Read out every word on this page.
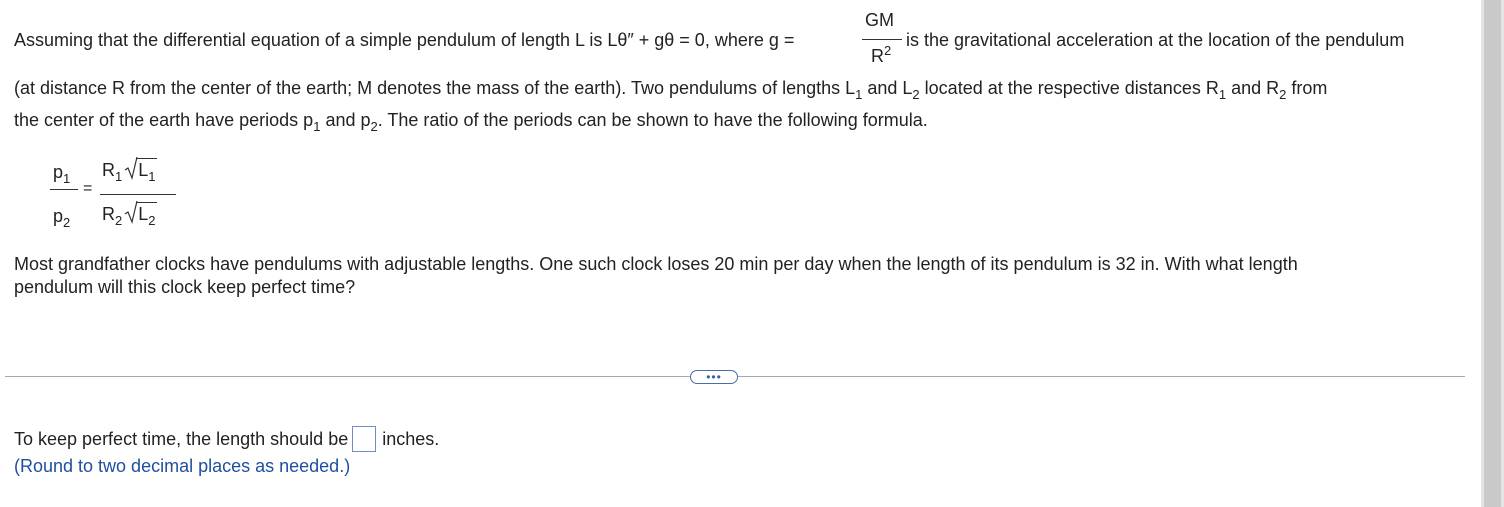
Assuming that the differential equation of a simple pendulum of length L is Lθ″ + gθ = 0, where g =
GM
$R^2$
is the gravitational acceleration at the location of the pendulum
(at distance R from the center of the earth; M denotes the mass of the earth). Two pendulums of lengths $L_1$ and $L_2$ located at the respective distances $R_1$ and $R_2$ from
the center of the earth have periods $p_1$ and $p_2$. The ratio of the periods can be shown to have the following formula.
$p_1$
$p_2$
=
$R_1$ $L_1$
$R_2$ $L_2$
Most grandfather clocks have pendulums with adjustable lengths. One such clock loses 20 min per day when the length of its pendulum is 32 in. With what length
pendulum will this clock keep perfect time?
•••
To keep perfect time, the length should be inches.
(Round to two decimal places as needed.)
